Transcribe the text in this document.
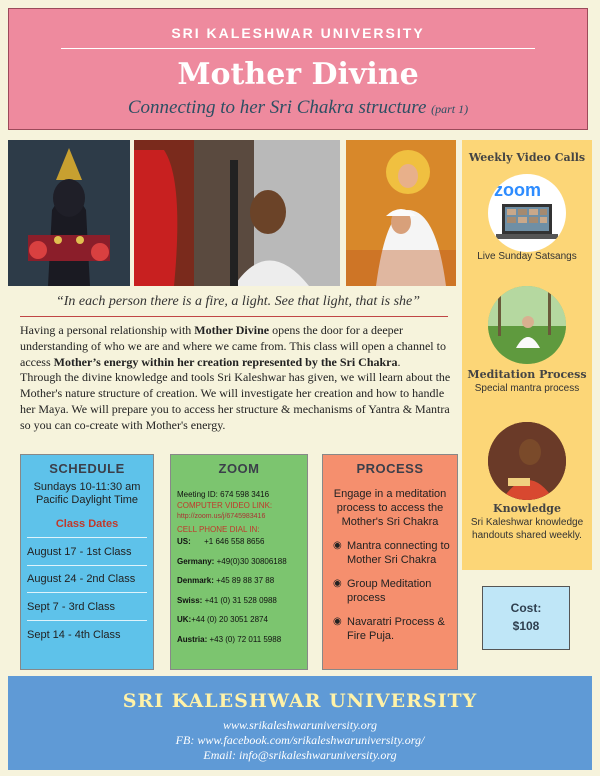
SRI KALESHWAR UNIVERSITY
Mother Divine
Connecting to her Sri Chakra structure (part 1)
Weekly Video Calls
zoom
Live Sunday Satsangs
Meditation Process
Special mantra process
Knowledge
Sri Kaleshwar knowledge handouts shared weekly.
“In each person there is a fire, a light. See that light, that is she”
Having a personal relationship with Mother Divine opens the door for a deeper understanding of who we are and where we came from. This class will open a channel to access Mother’s energy within her creation represented by the Sri Chakra.
Through the divine knowledge and tools Sri Kaleshwar has given, we will learn about the Mother's nature structure of creation. We will investigate her creation and how to handle her Maya. We will prepare you to access her structure & mechanisms of Yantra & Mantra so you can co-create with Mother's energy.
SCHEDULE
Sundays 10-11:30 am
Pacific Daylight Time
Class Dates
August 17 - 1st Class
August 24 - 2nd Class
Sept 7 - 3rd Class
Sept 14 - 4th Class
ZOOM
Meeting ID: 674 598 3416
COMPUTER VIDEO LINK:
http://zoom.us/j/6745983416
CELL PHONE DIAL IN:
US: +1 646 558 8656
Germany: +49(0)30 30806188
Denmark: +45 89 88 37 88
Swiss: +41 (0) 31 528 0988
UK:+44 (0) 20 3051 2874
Austria: +43 (0) 72 011 5988
PROCESS
Engage in a meditation process to access the Mother's Sri Chakra
◉ Mantra connecting to Mother Sri Chakra
◉ Group Meditation process
◉ Navaratri Process & Fire Puja.
Cost:
$108
SRI KALESHWAR UNIVERSITY
www.srikaleshwaruniversity.org
FB: www.facebook.com/srikaleshwaruniversity.org/
Email: info@srikaleshwaruniversity.org
